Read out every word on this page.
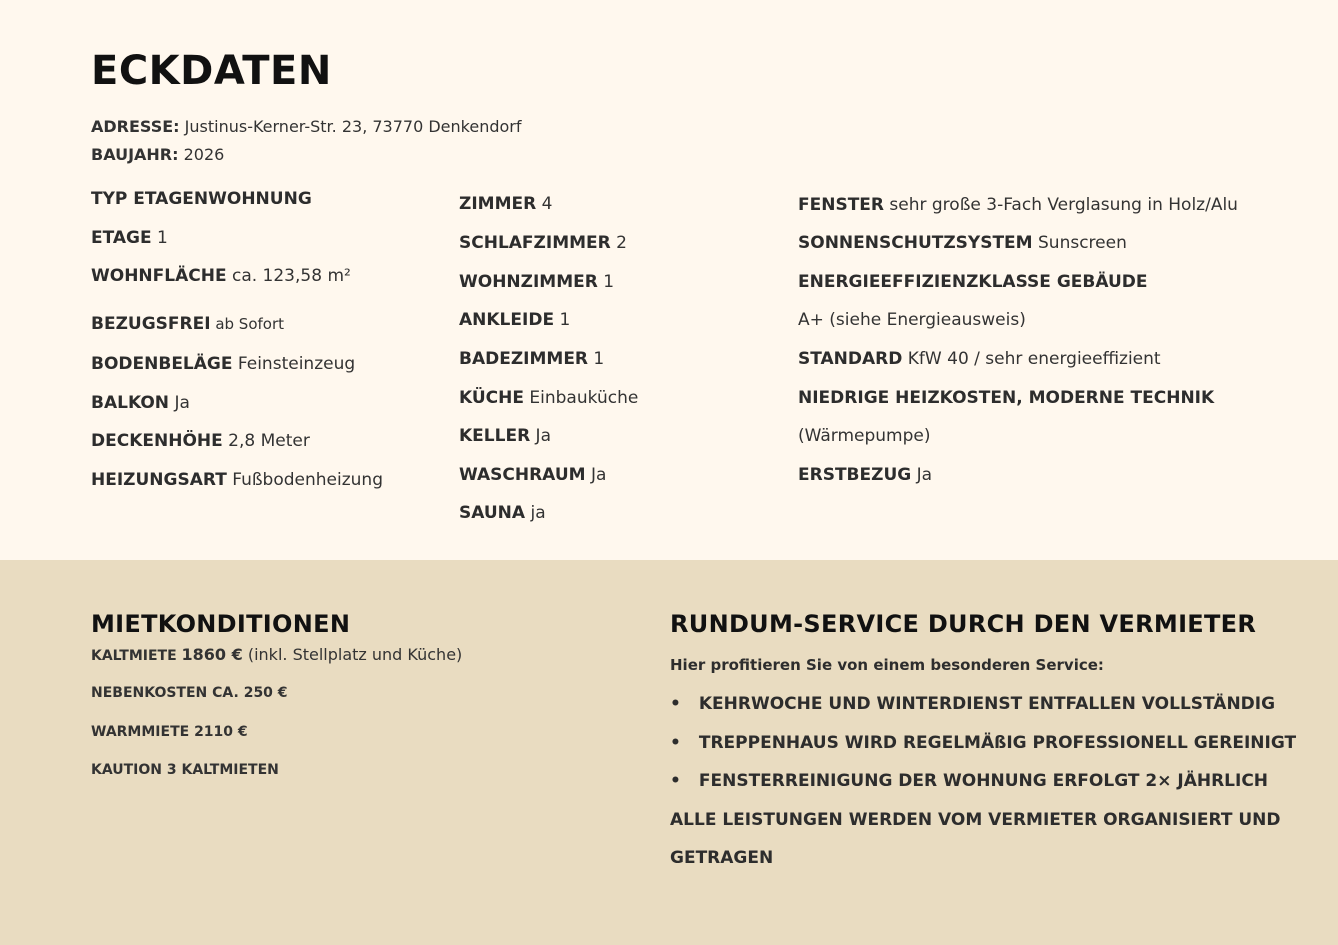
ECKDATEN
ADRESSE: Justinus-Kerner-Str. 23, 73770 Denkendorf
BAUJAHR: 2026
TYP ETAGENWOHNUNG
ETAGE 1
WOHNFLÄCHE ca. 123,58 m²
BEZUGSFREI ab Sofort
BODENBELÄGE Feinsteinzeug
BALKON Ja
DECKENHÖHE 2,8 Meter
HEIZUNGSART Fußbodenheizung
ZIMMER 4
SCHLAFZIMMER 2
WOHNZIMMER 1
ANKLEIDE 1
BADEZIMMER 1
KÜCHE Einbauküche
KELLER Ja
WASCHRAUM Ja
SAUNA ja
FENSTER sehr große 3-Fach Verglasung in Holz/Alu
SONNENSCHUTZSYSTEM Sunscreen
ENERGIEEFFIZIENZKLASSE GEBÄUDE
A+ (siehe Energieausweis)
STANDARD KfW 40 / sehr energieeffizient
NIEDRIGE HEIZKOSTEN, MODERNE TECHNIK
(Wärmepumpe)
ERSTBEZUG Ja
MIETKONDITIONEN
KALTMIETE 1860 € (inkl. Stellplatz und Küche)
NEBENKOSTEN CA. 250 €
WARMMIETE 2110 €
KAUTION 3 KALTMIETEN
RUNDUM-SERVICE DURCH DEN VERMIETER
Hier profitieren Sie von einem besonderen Service:
• KEHRWOCHE UND WINTERDIENST ENTFALLEN VOLLSTÄNDIG
• TREPPENHAUS WIRD REGELMÄßIG PROFESSIONELL GEREINIGT
• FENSTERREINIGUNG DER WOHNUNG ERFOLGT 2× JÄHRLICH
ALLE LEISTUNGEN WERDEN VOM VERMIETER ORGANISIERT UND
GETRAGEN
